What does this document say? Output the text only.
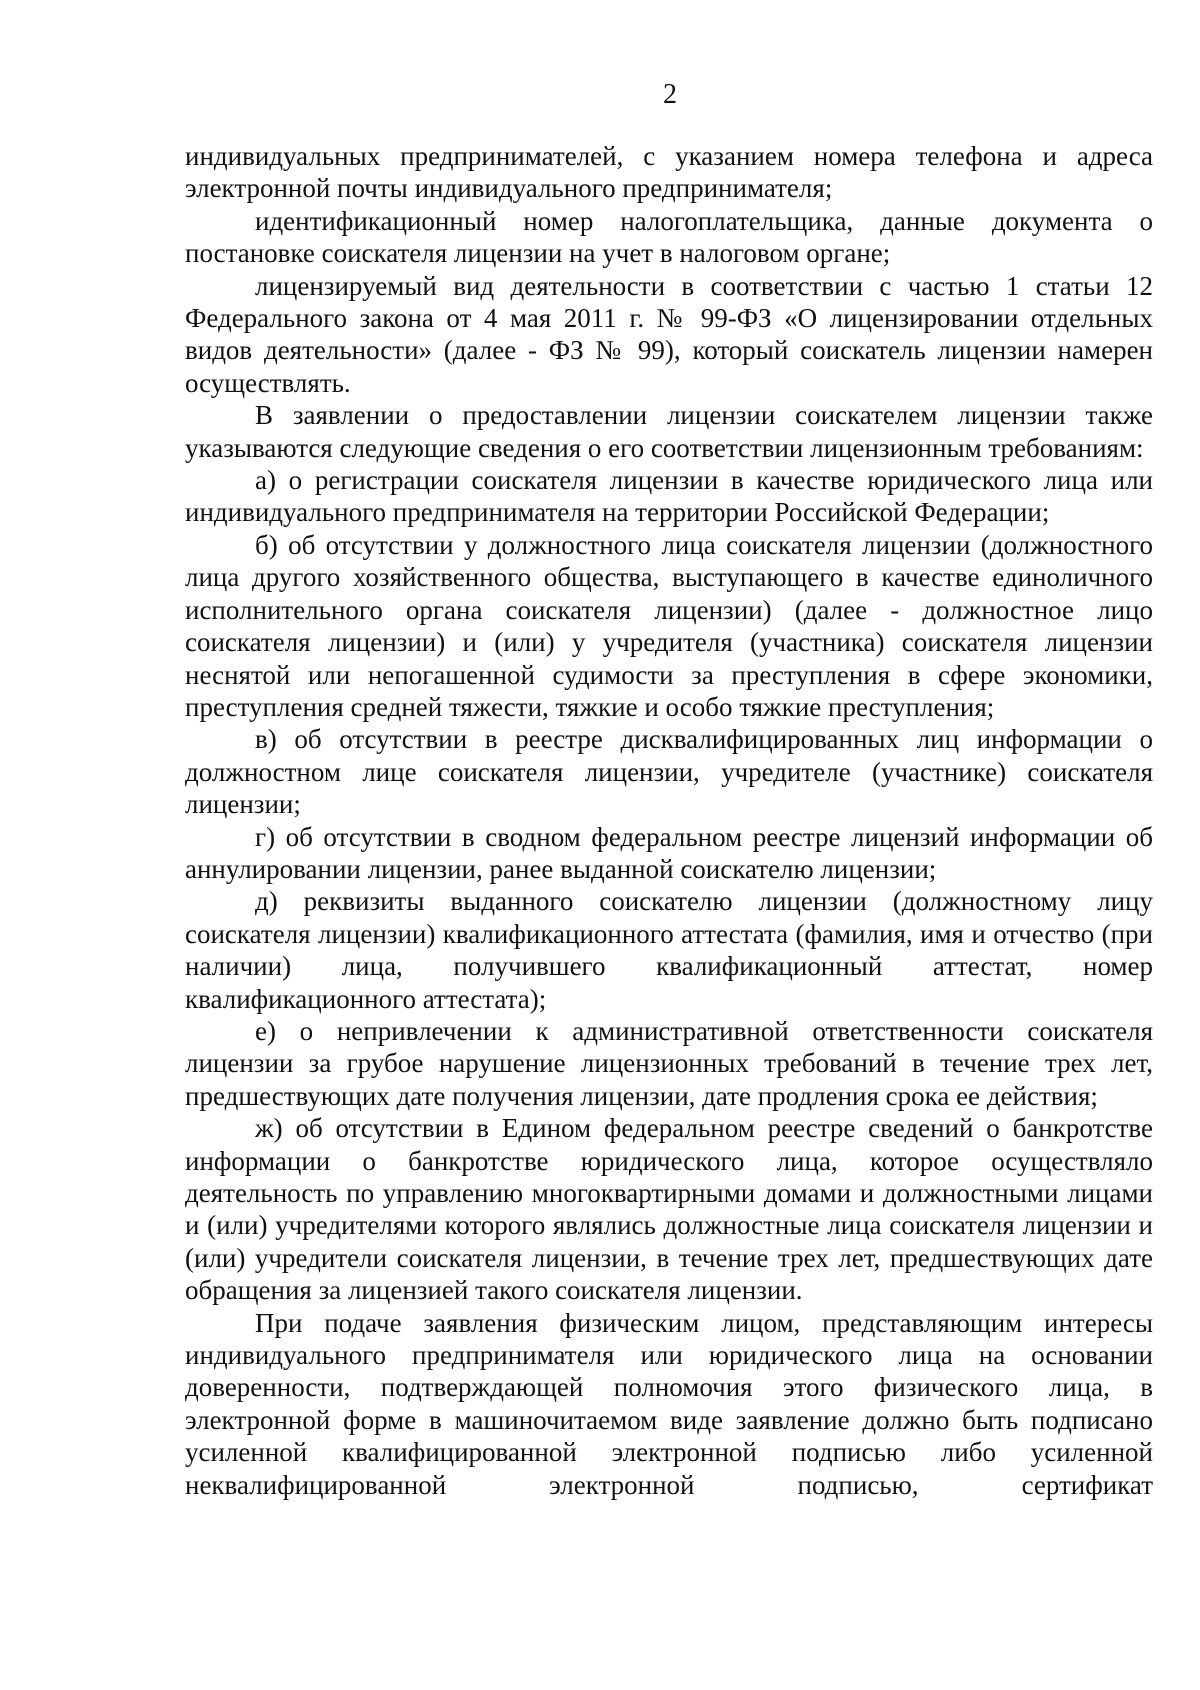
2

индивидуальных предпринимателей, с указанием номера телефона и адреса электронной почты индивидуального предпринимателя;

идентификационный номер налогоплательщика, данные документа о постановке соискателя лицензии на учет в налоговом органе;

лицензируемый вид деятельности в соответствии с частью 1 статьи 12 Федерального закона от 4 мая 2011 г. № 99-ФЗ «О лицензировании отдельных видов деятельности» (далее - ФЗ № 99), который соискатель лицензии намерен осуществлять.

В заявлении о предоставлении лицензии соискателем лицензии также указываются следующие сведения о его соответствии лицензионным требованиям:

а) о регистрации соискателя лицензии в качестве юридического лица или индивидуального предпринимателя на территории Российской Федерации;

б) об отсутствии у должностного лица соискателя лицензии (должностного лица другого хозяйственного общества, выступающего в качестве единоличного исполнительного органа соискателя лицензии) (далее - должностное лицо соискателя лицензии) и (или) у учредителя (участника) соискателя лицензии неснятой или непогашенной судимости за преступления в сфере экономики, преступления средней тяжести, тяжкие и особо тяжкие преступления;

в) об отсутствии в реестре дисквалифицированных лиц информации о должностном лице соискателя лицензии, учредителе (участнике) соискателя лицензии;

г) об отсутствии в сводном федеральном реестре лицензий информации об аннулировании лицензии, ранее выданной соискателю лицензии;

д) реквизиты выданного соискателю лицензии (должностному лицу соискателя лицензии) квалификационного аттестата (фамилия, имя и отчество (при наличии) лица, получившего квалификационный аттестат, номер квалификационного аттестата);

е) о непривлечении к административной ответственности соискателя лицензии за грубое нарушение лицензионных требований в течение трех лет, предшествующих дате получения лицензии, дате продления срока ее действия;

ж) об отсутствии в Едином федеральном реестре сведений о банкротстве информации о банкротстве юридического лица, которое осуществляло деятельность по управлению многоквартирными домами и должностными лицами и (или) учредителями которого являлись должностные лица соискателя лицензии и (или) учредители соискателя лицензии, в течение трех лет, предшествующих дате обращения за лицензией такого соискателя лицензии.

При подаче заявления физическим лицом, представляющим интересы индивидуального предпринимателя или юридического лица на основании доверенности, подтверждающей полномочия этого физического лица, в электронной форме в машиночитаемом виде заявление должно быть подписано усиленной квалифицированной электронной подписью либо усиленной неквалифицированной электронной подписью, сертификат
